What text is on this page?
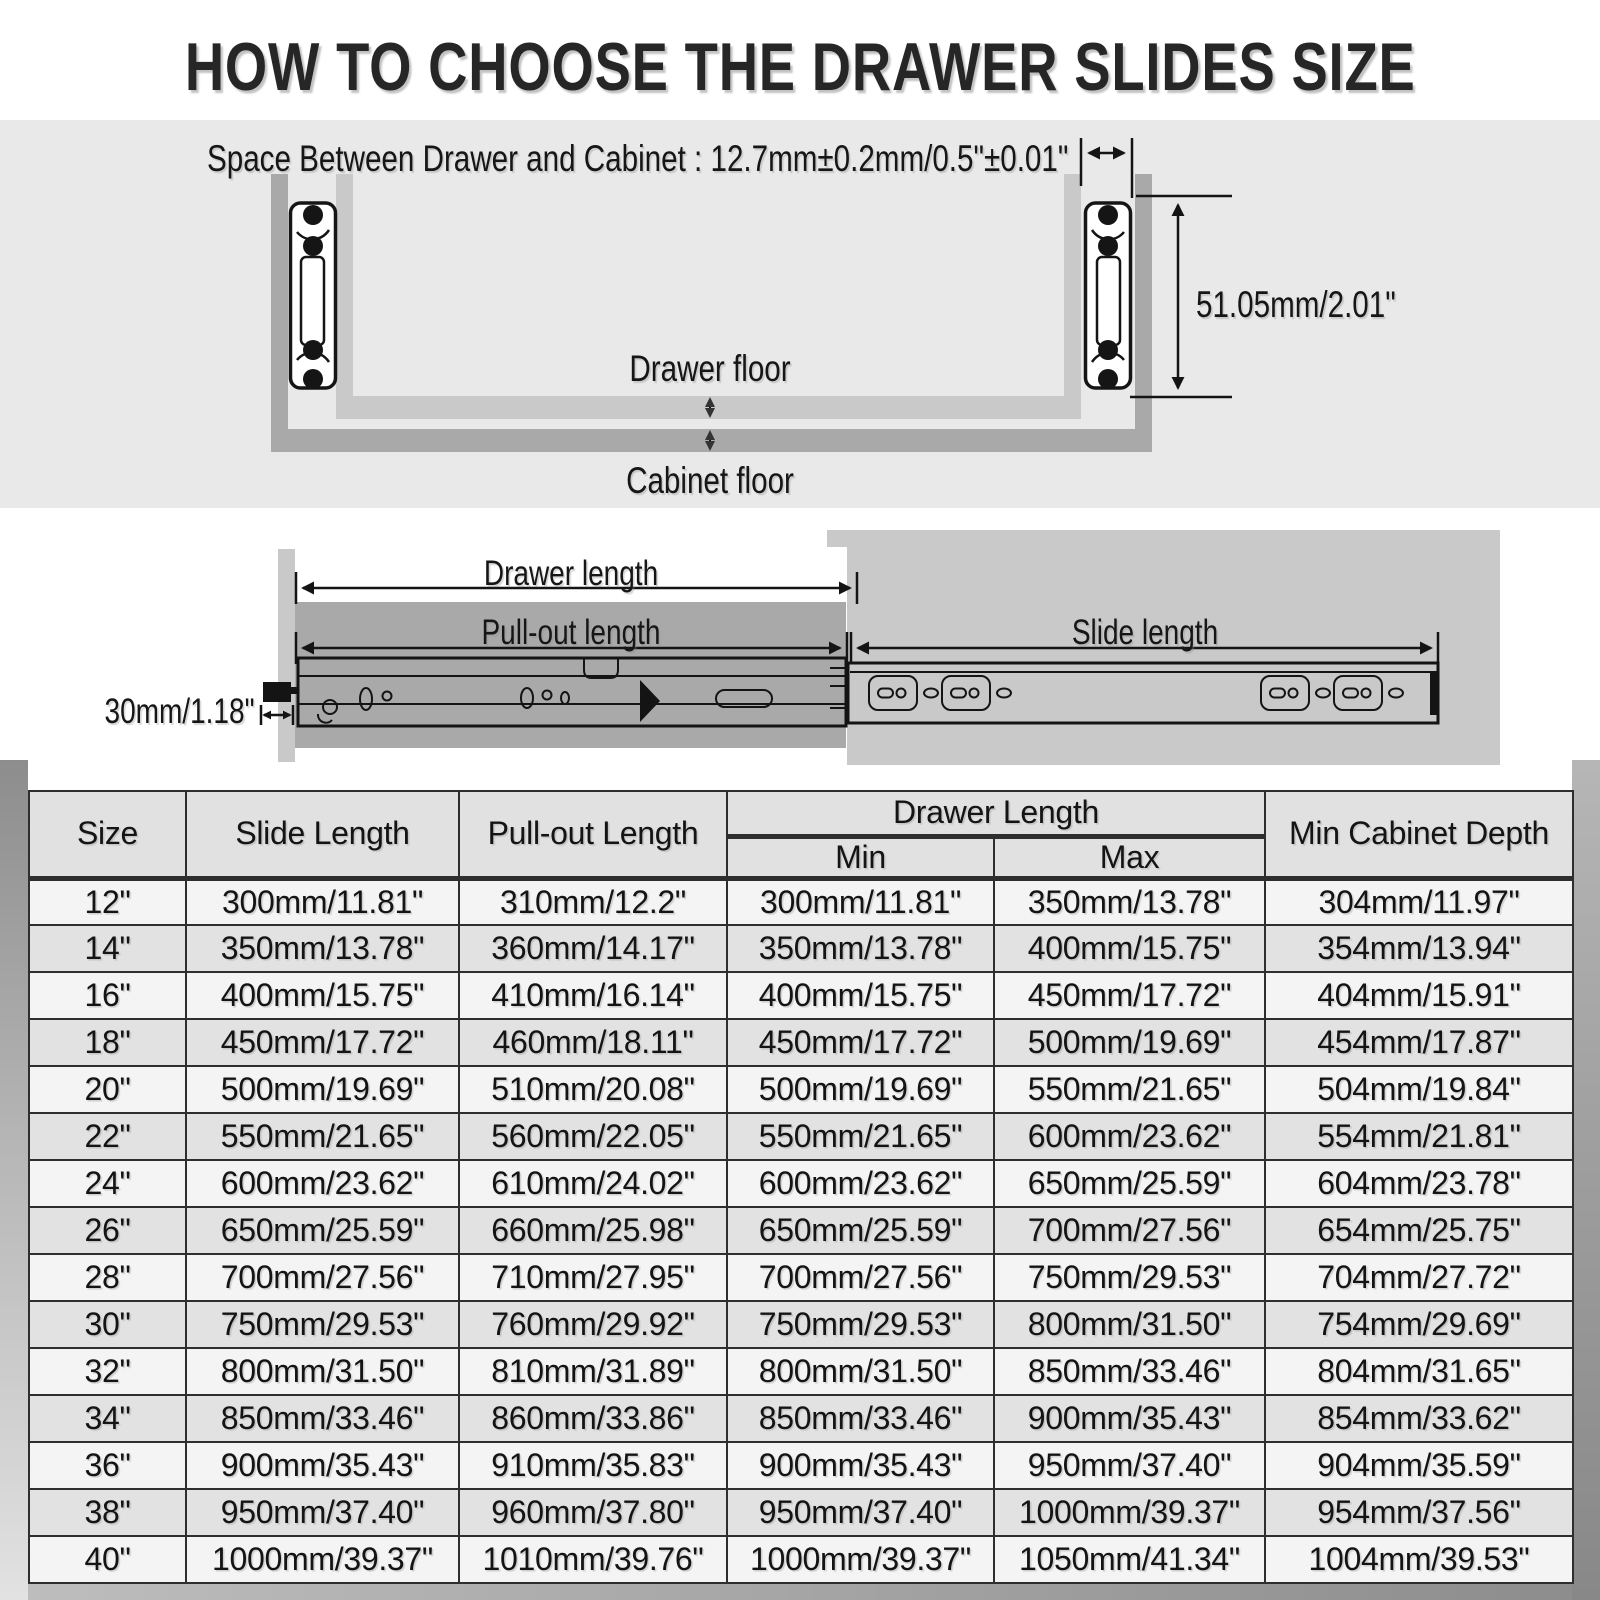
HOW TO CHOOSE THE DRAWER SLIDES SIZE
Space Between Drawer and Cabinet : 12.7mm±0.2mm/0.5"±0.01"
Drawer floor
Cabinet floor
51.05mm/2.01"
Drawer length
Pull-out length	Slide length
30mm/1.18"
Size	Slide Length	Pull-out Length	Drawer Length		Min Cabinet Depth
			Min	Max	
12"	300mm/11.81"	310mm/12.2"	300mm/11.81"	350mm/13.78"	304mm/11.97"
14"	350mm/13.78"	360mm/14.17"	350mm/13.78"	400mm/15.75"	354mm/13.94"
16"	400mm/15.75"	410mm/16.14"	400mm/15.75"	450mm/17.72"	404mm/15.91"
18"	450mm/17.72"	460mm/18.11"	450mm/17.72"	500mm/19.69"	454mm/17.87"
20"	500mm/19.69"	510mm/20.08"	500mm/19.69"	550mm/21.65"	504mm/19.84"
22"	550mm/21.65"	560mm/22.05"	550mm/21.65"	600mm/23.62"	554mm/21.81"
24"	600mm/23.62"	610mm/24.02"	600mm/23.62"	650mm/25.59"	604mm/23.78"
26"	650mm/25.59"	660mm/25.98"	650mm/25.59"	700mm/27.56"	654mm/25.75"
28"	700mm/27.56"	710mm/27.95"	700mm/27.56"	750mm/29.53"	704mm/27.72"
30"	750mm/29.53"	760mm/29.92"	750mm/29.53"	800mm/31.50"	754mm/29.69"
32"	800mm/31.50"	810mm/31.89"	800mm/31.50"	850mm/33.46"	804mm/31.65"
34"	850mm/33.46"	860mm/33.86"	850mm/33.46"	900mm/35.43"	854mm/33.62"
36"	900mm/35.43"	910mm/35.83"	900mm/35.43"	950mm/37.40"	904mm/35.59"
38"	950mm/37.40"	960mm/37.80"	950mm/37.40"	1000mm/39.37"	954mm/37.56"
40"	1000mm/39.37"	1010mm/39.76"	1000mm/39.37"	1050mm/41.34"	1004mm/39.53"
